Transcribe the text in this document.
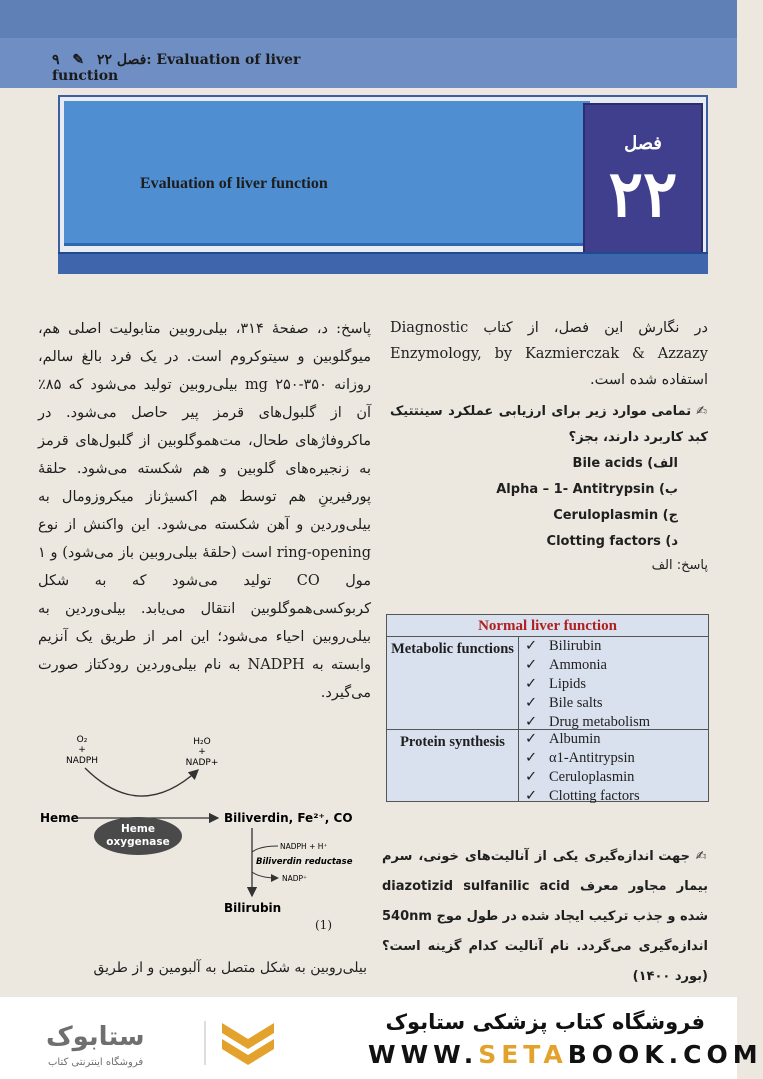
۹ ✎ فصل ۲۲: Evaluation of liver function
Evaluation of liver function
فصل
۲۲

در نگارش این فصل، از کتاب Diagnostic Enzymology, by Kazmierczak & Azzazy استفاده شده است.

✍ تمامی موارد زیر برای ارزیابی عملکرد سینتتیک کبد کاربرد دارند، بجز؟

الف) Bile acids
ب) Alpha – 1- Antitrypsin
ج) Ceruloplasmin
د) Clotting factors
پاسخ: الف
Normal liver function
Metabolic functions ✓ Bilirubin
✓ Ammonia
✓ Lipids
✓ Bile salts
✓ Drug metabolism
Protein synthesis	✓ Albumin
✓ α1-Antitrypsin
✓ Ceruloplasmin
✓ Clotting factors

پاسخ: د، صفحهٔ ۳۱۴، بیلی‌روبین متابولیت اصلی هم، میوگلوبین و سیتوکروم است. در یک فرد بالغ سالم، روزانه ۳۵۰-۲۵۰ mg بیلی‌روبین تولید می‌شود که ۸۵٪ آن از گلبول‌های قرمز پیر حاصل می‌شود. در ماکروفاژهای طحال، مت‌هموگلوبین از گلبول‌های قرمز به زنجیره‌های گلوبین و هم شکسته می‌شود. حلقهٔ پورفیرینِ هم توسط هم اکسیژناز میکروزومال به بیلی‌وردین و آهن شکسته می‌شود. این واکنش از نوع ring-opening است (حلقهٔ بیلی‌روبین باز می‌شود) و ۱ مول CO تولید می‌شود که به شکل کربوکسی‌هموگلوبین انتقال می‌یابد. بیلی‌وردین به بیلی‌روبین احیاء می‌شود؛ این امر از طریق یک آنزیم وابسته به NADPH به نام بیلی‌وردین رودکتاز صورت می‌گیرد.

O₂
+
NADPH
H₂O
+
NADP+
Heme
Heme
oxygenase
Biliverdin, Fe²⁺, CO
NADPH + H⁺
Biliverdin reductase
NADP⁺
Bilirubin
(1)
✍ جهت اندازه‌گیری یکی از آنالیت‌های خونی، سرم بیمار مجاور معرف diazotizid sulfanilic acid شده و جذب ترکیب ایجاد شده در طول موج 540nm اندازه‌گیری می‌گردد. نام آنالیت کدام گزینه است؟ (بورد ۱۴۰۰)
بیلی‌روبین به شکل متصل به آلبومین و از طریق
ستابوک
فروشگاه اینترنتی کتاب
فروشگاه کتاب پزشکی ستابوک
WWW.SETABOOK.COM
